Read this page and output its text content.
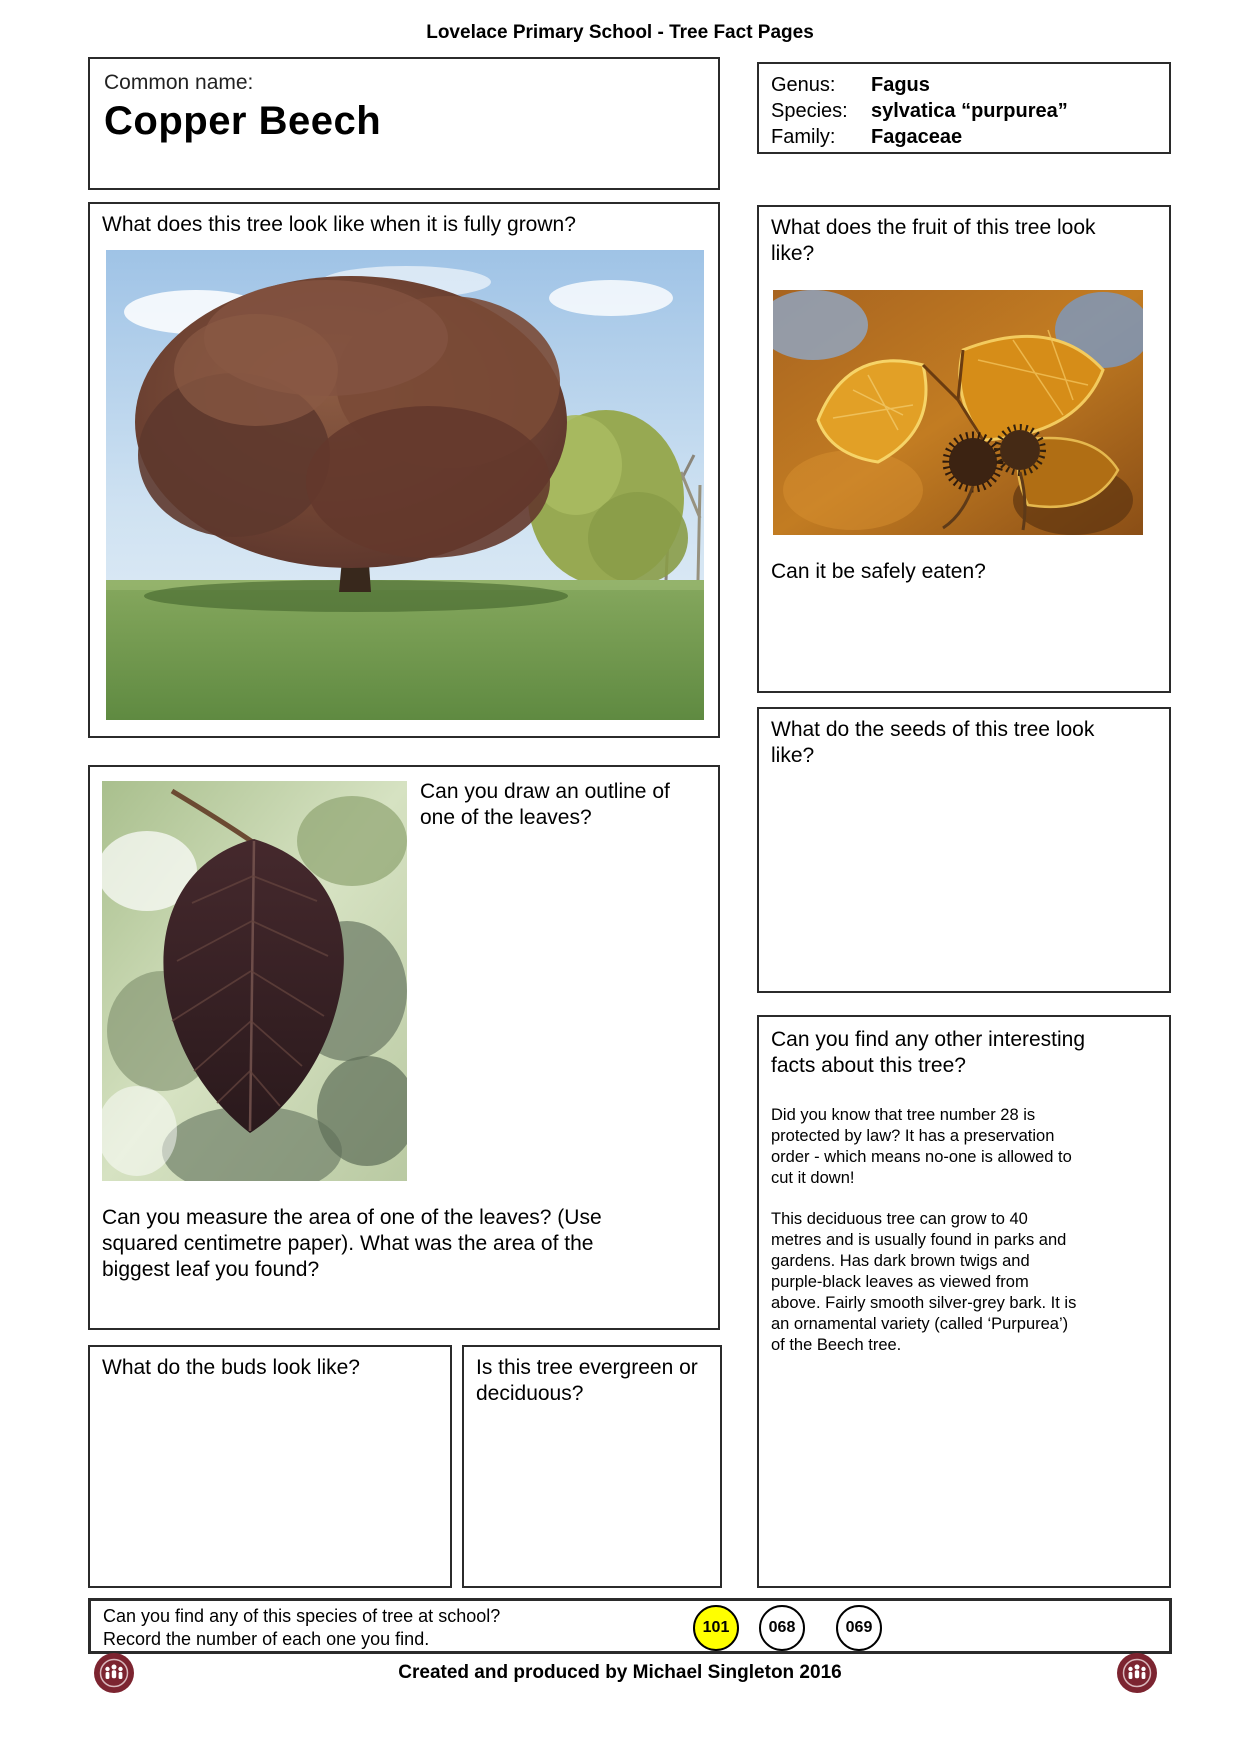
Lovelace Primary School - Tree Fact Pages
Common name:
Copper Beech
Genus: Fagus
Species: sylvatica “purpurea”
Family: Fagaceae
What does this tree look like when it is fully grown?	What does the fruit of this tree look like?
Can it be safely eaten?
What do the seeds of this tree look like?
Can you find any other interesting facts about this tree?

Did you know that tree number 28 is protected by law? It has a preservation order - which means no-one is allowed to cut it down!

This deciduous tree can grow to 40 metres and is usually found in parks and gardens. Has dark brown twigs and purple-black leaves as viewed from above. Fairly smooth silver-grey bark. It is an ornamental variety (called ‘Purpurea’) of the Beech tree.

Can you draw an outline of one of the leaves?
Can you measure the area of one of the leaves? (Use squared centimetre paper). What was the area of the biggest leaf you found?
What do the buds look like?	Is this tree evergreen or deciduous?
Can you find any of this species of tree at school?
Record the number of each one you find.
101	068	069
Created and produced by Michael Singleton 2016
